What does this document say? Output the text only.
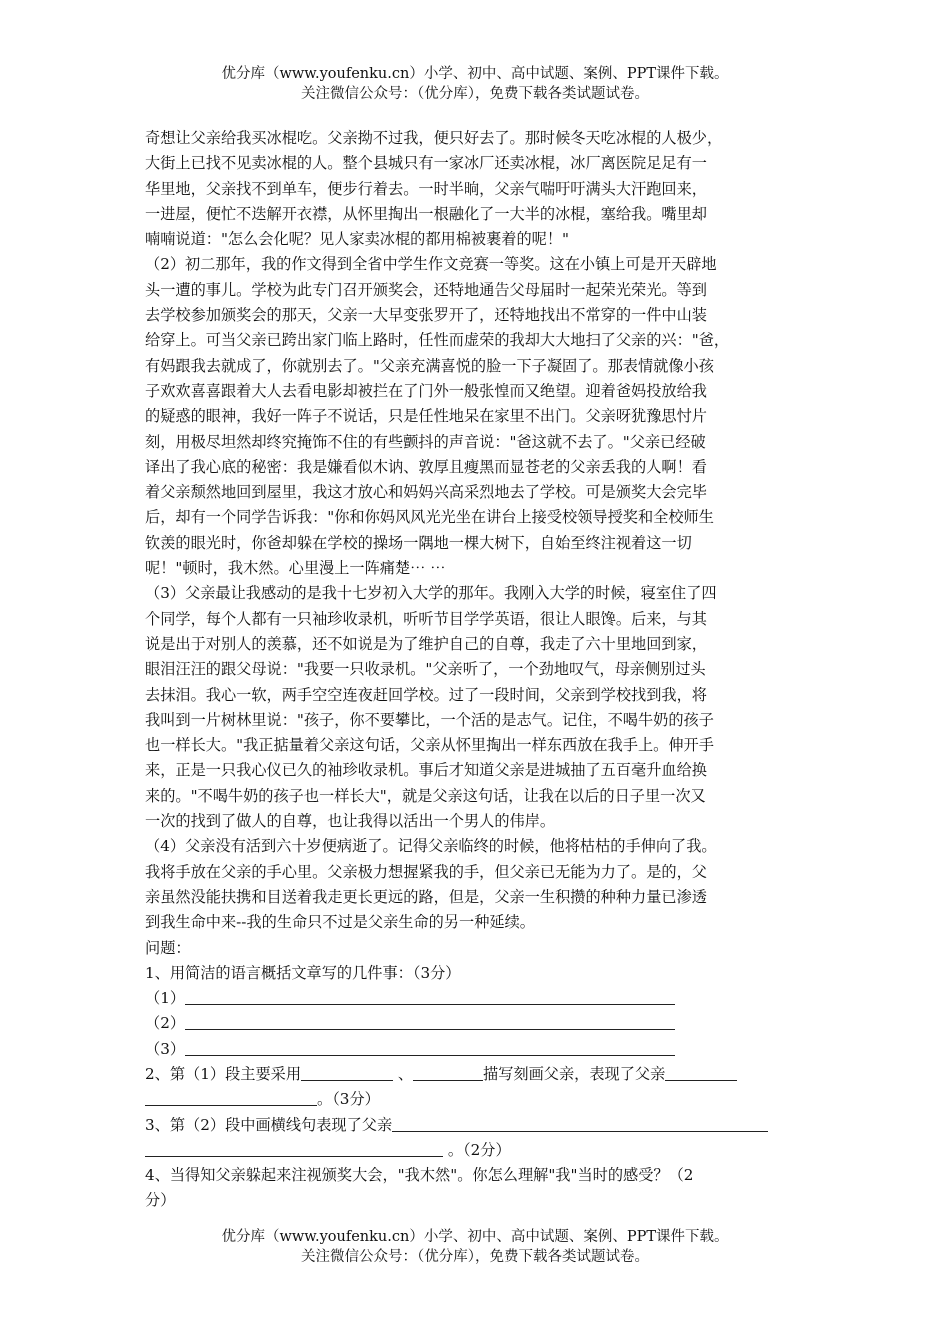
优分库（www.youfenku.cn）小学、初中、高中试题、案例、PPT课件下载。
关注微信公众号：（优分库），免费下载各类试题试卷。
奇想让父亲给我买冰棍吃。父亲拗不过我，便只好去了。那时候冬天吃冰棍的人极少，
大街上已找不见卖冰棍的人。整个县城只有一家冰厂还卖冰棍，冰厂离医院足足有一
华里地，父亲找不到单车，便步行着去。一时半晌，父亲气喘吁吁满头大汗跑回来，
一进屋，便忙不迭解开衣襟，从怀里掏出一根融化了一大半的冰棍，塞给我。嘴里却
喃喃说道："怎么会化呢？见人家卖冰棍的都用棉被裹着的呢！"
（2）初二那年，我的作文得到全省中学生作文竞赛一等奖。这在小镇上可是开天辟地
头一遭的事儿。学校为此专门召开颁奖会，还特地通告父母届时一起荣光荣光。等到
去学校参加颁奖会的那天，父亲一大早变张罗开了，还特地找出不常穿的一件中山装
给穿上。可当父亲已跨出家门临上路时，任性而虚荣的我却大大地扫了父亲的兴："爸，
有妈跟我去就成了，你就别去了。"父亲充满喜悦的脸一下子凝固了。那表情就像小孩
子欢欢喜喜跟着大人去看电影却被拦在了门外一般张惶而又绝望。迎着爸妈投放给我
的疑惑的眼神，我好一阵子不说话，只是任性地呆在家里不出门。父亲呀犹豫思忖片
刻，用极尽坦然却终究掩饰不住的有些颤抖的声音说："爸这就不去了。"父亲已经破
译出了我心底的秘密：我是嫌看似木讷、敦厚且瘦黑而显苍老的父亲丢我的人啊！看
着父亲颓然地回到屋里，我这才放心和妈妈兴高采烈地去了学校。可是颁奖大会完毕
后，却有一个同学告诉我："你和你妈风风光光坐在讲台上接受校领导授奖和全校师生
钦羡的眼光时，你爸却躲在学校的操场一隅地一棵大树下，自始至终注视着这一切
呢！"顿时，我木然。心里漫上一阵痛楚⋯ ⋯
（3）父亲最让我感动的是我十七岁初入大学的那年。我刚入大学的时候，寝室住了四
个同学，每个人都有一只袖珍收录机，听听节目学学英语，很让人眼馋。后来，与其
说是出于对别人的羡慕，还不如说是为了维护自己的自尊，我走了六十里地回到家，
眼泪汪汪的跟父母说："我要一只收录机。"父亲听了，一个劲地叹气，母亲侧别过头
去抹泪。我心一软，两手空空连夜赶回学校。过了一段时间，父亲到学校找到我，将
我叫到一片树林里说："孩子，你不要攀比，一个活的是志气。记住，不喝牛奶的孩子
也一样长大。"我正掂量着父亲这句话，父亲从怀里掏出一样东西放在我手上。伸开手
来，正是一只我心仪已久的袖珍收录机。事后才知道父亲是进城抽了五百毫升血给换
来的。"不喝牛奶的孩子也一样长大"，就是父亲这句话，让我在以后的日子里一次又
一次的找到了做人的自尊，也让我得以活出一个男人的伟岸。
（4）父亲没有活到六十岁便病逝了。记得父亲临终的时候，他将枯枯的手伸向了我。
我将手放在父亲的手心里。父亲极力想握紧我的手，但父亲已无能为力了。是的，父
亲虽然没能扶携和目送着我走更长更远的路，但是，父亲一生积攒的种种力量已渗透
到我生命中来--我的生命只不过是父亲生命的另一种延续。
问题：
1、用简洁的语言概括文章写的几件事：（3分）
（1）
（2）
（3）
2、第（1）段主要采用	、	描写刻画父亲，表现了父亲
。（3分）
3、第（2）段中画横线句表现了父亲
。（2分）
4、当得知父亲躲起来注视颁奖大会，"我木然"。你怎么理解"我"当时的感受？（2
分）
优分库（www.youfenku.cn）小学、初中、高中试题、案例、PPT课件下载。
关注微信公众号：（优分库），免费下载各类试题试卷。
